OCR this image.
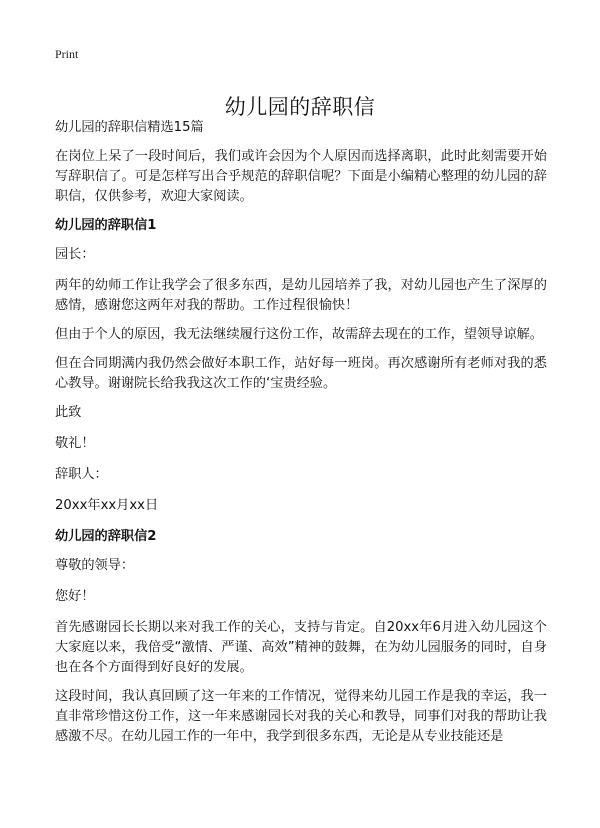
Print
幼儿园的辞职信

幼儿园的辞职信精选15篇

在岗位上呆了一段时间后，我们或许会因为个人原因而选择离职，此时此刻需要开始写辞职信了。可是怎样写出合乎规范的辞职信呢？下面是小编精心整理的幼儿园的辞职信，仅供参考，欢迎大家阅读。

幼儿园的辞职信1

园长：

两年的幼师工作让我学会了很多东西，是幼儿园培养了我，对幼儿园也产生了深厚的感情，感谢您这两年对我的帮助。工作过程很愉快！

但由于个人的原因，我无法继续履行这份工作，故需辞去现在的工作，望领导谅解。

但在合同期满内我仍然会做好本职工作，站好每一班岗。再次感谢所有老师对我的悉心教导。谢谢院长给我我这次工作的‘宝贵经验。

此致

敬礼！

辞职人：

20xx年xx月xx日

幼儿园的辞职信2

尊敬的领导：

您好！

首先感谢园长长期以来对我工作的关心，支持与肯定。自20xx年6月进入幼儿园这个大家庭以来，我倍受“激情、严谨、高效”精神的鼓舞，在为幼儿园服务的同时，自身也在各个方面得到好良好的发展。

这段时间，我认真回顾了这一年来的工作情况，觉得来幼儿园工作是我的幸运，我一直非常珍惜这份工作，这一年来感谢园长对我的关心和教导，同事们对我的帮助让我感激不尽。在幼儿园工作的一年中，我学到很多东西，无论是从专业技能还是
